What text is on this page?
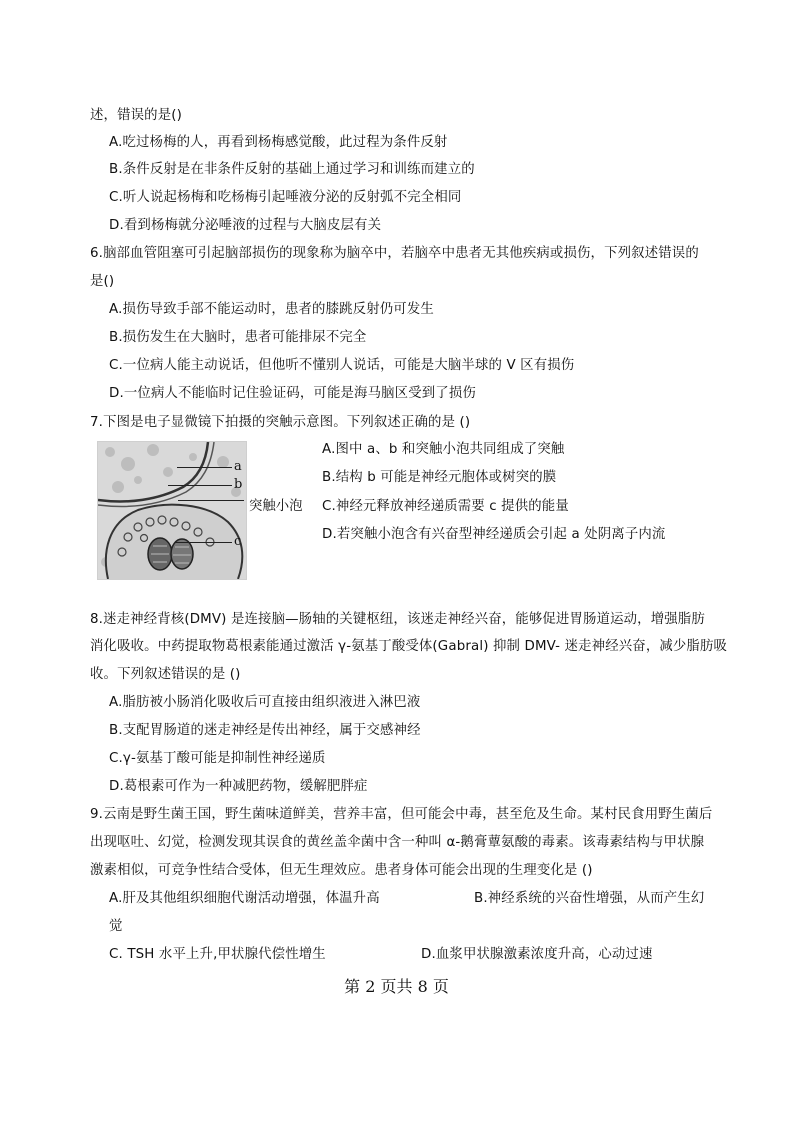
述，错误的是()
A.吃过杨梅的人，再看到杨梅感觉酸，此过程为条件反射
B.条件反射是在非条件反射的基础上通过学习和训练而建立的
C.听人说起杨梅和吃杨梅引起唾液分泌的反射弧不完全相同
D.看到杨梅就分泌唾液的过程与大脑皮层有关
6.脑部血管阻塞可引起脑部损伤的现象称为脑卒中，若脑卒中患者无其他疾病或损伤，下列叙述错误的
是()
A.损伤导致手部不能运动时，患者的膝跳反射仍可发生
B.损伤发生在大脑时，患者可能排尿不完全
C.一位病人能主动说话，但他听不懂别人说话，可能是大脑半球的 V 区有损伤
D.一位病人不能临时记住验证码，可能是海马脑区受到了损伤
7.下图是电子显微镜下拍摄的突触示意图。下列叙述正确的是 ()
a
b
c
突触小泡
A.图中 a、b 和突触小泡共同组成了突触
B.结构 b 可能是神经元胞体或树突的膜
C.神经元释放神经递质需要 c 提供的能量
D.若突触小泡含有兴奋型神经递质会引起 a 处阴离子内流
8.迷走神经背核(DMV) 是连接脑—肠轴的关键枢纽，该迷走神经兴奋，能够促进胃肠道运动，增强脂肪
消化吸收。中药提取物葛根素能通过激活 γ-氨基丁酸受体(Gabral) 抑制 DMV- 迷走神经兴奋，减少脂肪吸
收。下列叙述错误的是 ()
A.脂肪被小肠消化吸收后可直接由组织液进入淋巴液
B.支配胃肠道的迷走神经是传出神经，属于交感神经
C.γ-氨基丁酸可能是抑制性神经递质
D.葛根素可作为一种减肥药物，缓解肥胖症
9.云南是野生菌王国，野生菌味道鲜美，营养丰富，但可能会中毒，甚至危及生命。某村民食用野生菌后
出现呕吐、幻觉，检测发现其误食的黄丝盖伞菌中含一种叫 α-鹅膏蕈氨酸的毒素。该毒素结构与甲状腺
激素相似，可竞争性结合受体，但无生理效应。患者身体可能会出现的生理变化是 ()
A.肝及其他组织细胞代谢活动增强，体温升高	B.神经系统的兴奋性增强，从而产生幻
觉
C. TSH 水平上升,甲状腺代偿性增生	D.血浆甲状腺激素浓度升高，心动过速
第 2 页共 8 页
